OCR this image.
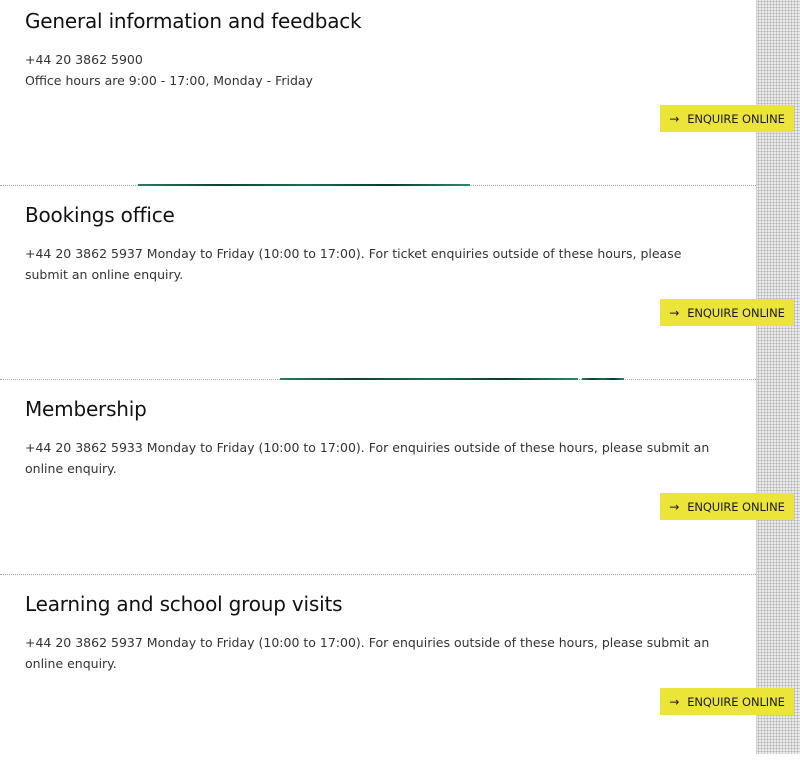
General information and feedback

+44 20 3862 5900
Office hours are 9:00 - 17:00, Monday - Friday

→ ENQUIRE ONLINE
Bookings office

+44 20 3862 5937 Monday to Friday (10:00 to 17:00). For ticket enquiries outside of these hours, please submit an online enquiry.

→ ENQUIRE ONLINE
Membership

+44 20 3862 5933 Monday to Friday (10:00 to 17:00). For enquiries outside of these hours, please submit an online enquiry.

→ ENQUIRE ONLINE
Learning and school group visits

+44 20 3862 5937 Monday to Friday (10:00 to 17:00). For enquiries outside of these hours, please submit an online enquiry.

→ ENQUIRE ONLINE
